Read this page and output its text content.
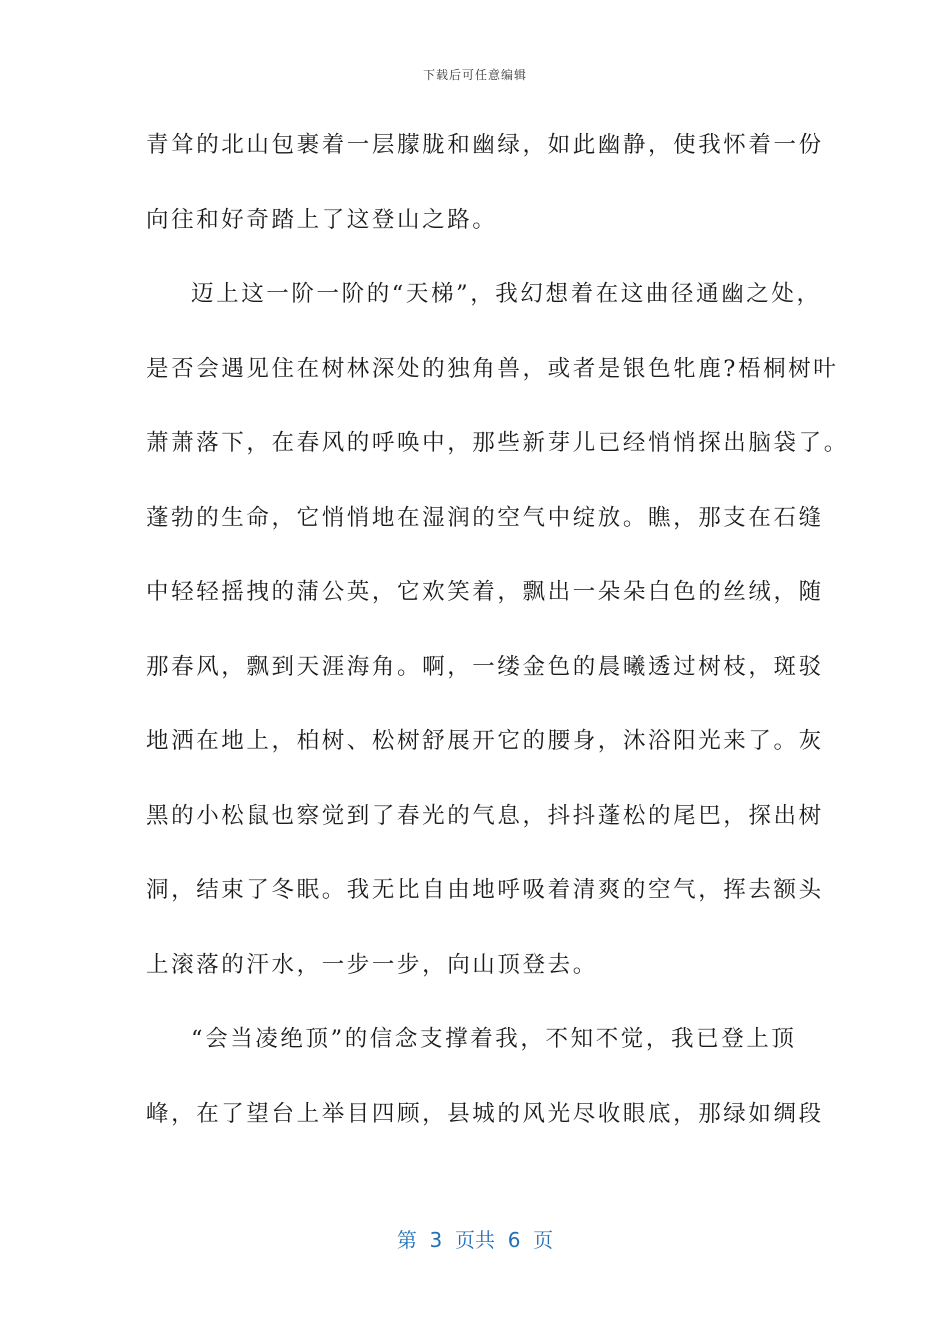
下载后可任意编辑
青耸的北山包裹着一层朦胧和幽绿，如此幽静，使我怀着一份
向往和好奇踏上了这登山之路。
迈上这一阶一阶的“天梯”，我幻想着在这曲径通幽之处，
是否会遇见住在树林深处的独角兽，或者是银色牝鹿?梧桐树叶
萧萧落下，在春风的呼唤中，那些新芽儿已经悄悄探出脑袋了。
蓬勃的生命，它悄悄地在湿润的空气中绽放。瞧，那支在石缝
中轻轻摇拽的蒲公英，它欢笑着，飘出一朵朵白色的丝绒，随
那春风，飘到天涯海角。啊，一缕金色的晨曦透过树枝，斑驳
地洒在地上，柏树、松树舒展开它的腰身，沐浴阳光来了。灰
黑的小松鼠也察觉到了春光的气息，抖抖蓬松的尾巴，探出树
洞，结束了冬眠。我无比自由地呼吸着清爽的空气，挥去额头
上滚落的汗水，一步一步，向山顶登去。
“会当凌绝顶”的信念支撑着我，不知不觉，我已登上顶
峰，在了望台上举目四顾，县城的风光尽收眼底，那绿如绸段
第  3  页共  6  页
